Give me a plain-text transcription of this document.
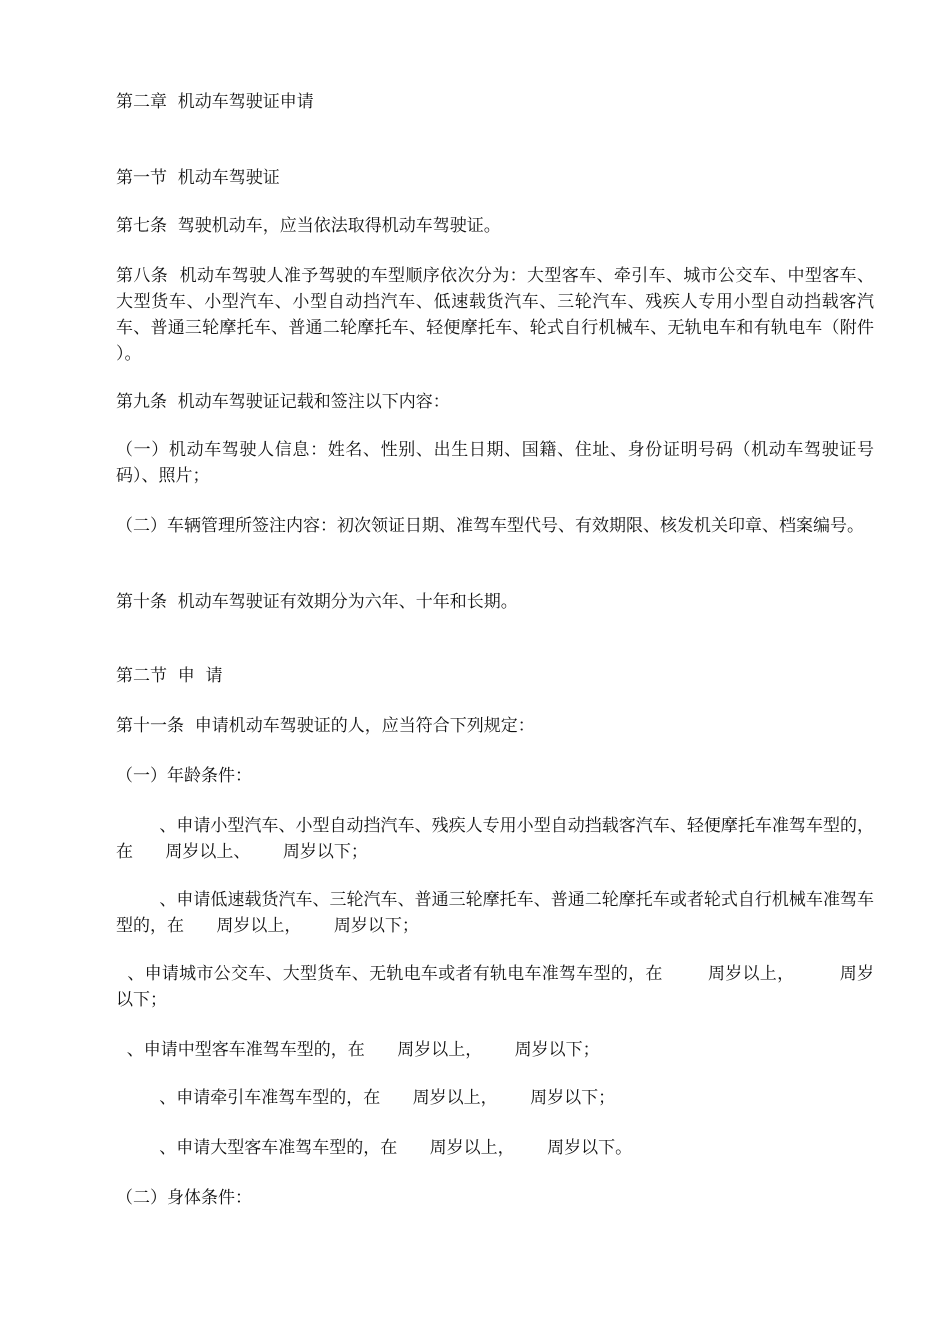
第二章  机动车驾驶证申请

第一节  机动车驾驶证

第七条  驾驶机动车，应当依法取得机动车驾驶证。

第八条  机动车驾驶人准予驾驶的车型顺序依次分为：大型客车、牵引车、城市公交车、中型客车、大型货车、小型汽车、小型自动挡汽车、低速载货汽车、三轮汽车、残疾人专用小型自动挡载客汽车、普通三轮摩托车、普通二轮摩托车、轻便摩托车、轮式自行机械车、无轨电车和有轨电车（附件    ）。

第九条  机动车驾驶证记载和签注以下内容：

（一）机动车驾驶人信息：姓名、性别、出生日期、国籍、住址、身份证明号码（机动车驾驶证号码）、照片；

（二）车辆管理所签注内容：初次领证日期、准驾车型代号、有效期限、核发机关印章、档案编号。

第十条  机动车驾驶证有效期分为六年、十年和长期。

第二节  申  请

第十一条  申请机动车驾驶证的人，应当符合下列规定：

（一）年龄条件：

、申请小型汽车、小型自动挡汽车、残疾人专用小型自动挡载客汽车、轻便摩托车准驾车型的，在      周岁以上、      周岁以下；

、申请低速载货汽车、三轮汽车、普通三轮摩托车、普通二轮摩托车或者轮式自行机械车准驾车型的，在      周岁以上，      周岁以下；

、申请城市公交车、大型货车、无轨电车或者有轨电车准驾车型的，在        周岁以上，        周岁以下；

、申请中型客车准驾车型的，在      周岁以上，      周岁以下；

、申请牵引车准驾车型的，在      周岁以上，      周岁以下；

、申请大型客车准驾车型的，在      周岁以上，      周岁以下。

（二）身体条件：
